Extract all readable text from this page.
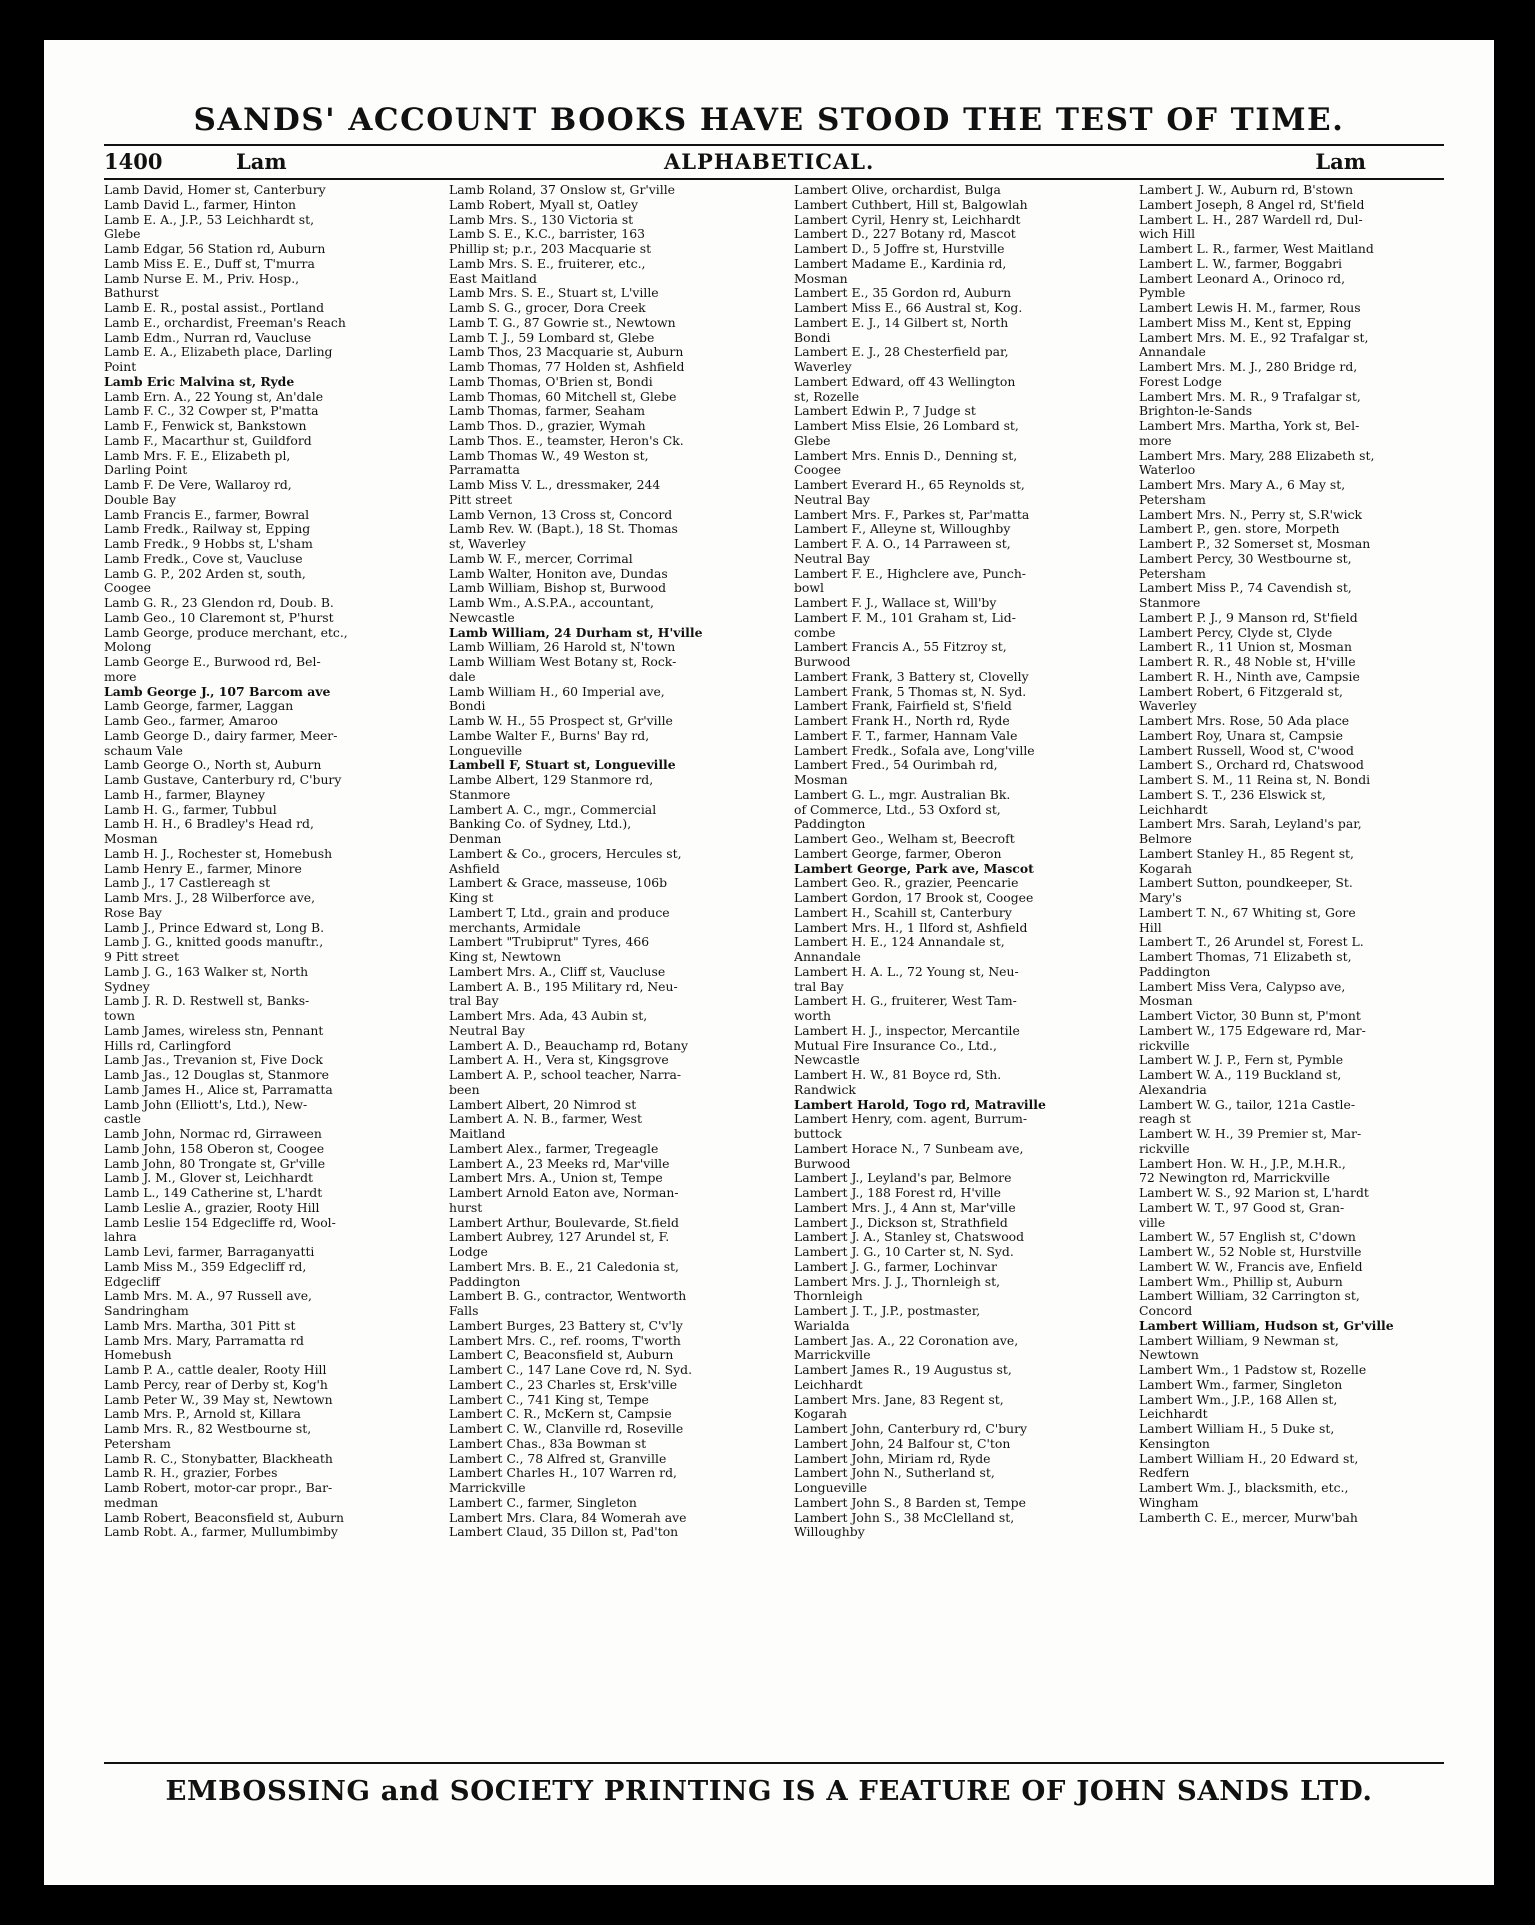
SANDS' ACCOUNT BOOKS HAVE STOOD THE TEST OF TIME.
1400	Lam	ALPHABETICAL.	Lam
Lamb David, Homer st, Canterbury
Lamb David L., farmer, Hinton
Lamb E. A., J.P., 53 Leichhardt st,
Glebe
Lamb Edgar, 56 Station rd, Auburn
Lamb Miss E. E., Duff st, T'murra
Lamb Nurse E. M., Priv. Hosp.,
Bathurst
Lamb E. R., postal assist., Portland
Lamb E., orchardist, Freeman's Reach
Lamb Edm., Nurran rd, Vaucluse
Lamb E. A., Elizabeth place, Darling
Point
Lamb Eric Malvina st, Ryde
Lamb Ern. A., 22 Young st, An'dale
Lamb F. C., 32 Cowper st, P'matta
Lamb F., Fenwick st, Bankstown
Lamb F., Macarthur st, Guildford
Lamb Mrs. F. E., Elizabeth pl,
Darling Point
Lamb F. De Vere, Wallaroy rd,
Double Bay
Lamb Francis E., farmer, Bowral
Lamb Fredk., Railway st, Epping
Lamb Fredk., 9 Hobbs st, L'sham
Lamb Fredk., Cove st, Vaucluse
Lamb G. P., 202 Arden st, south,
Coogee
Lamb G. R., 23 Glendon rd, Doub. B.
Lamb Geo., 10 Claremont st, P'hurst
Lamb George, produce merchant, etc.,
Molong
Lamb George E., Burwood rd, Bel-
more
Lamb George J., 107 Barcom ave
Lamb George, farmer, Laggan
Lamb Geo., farmer, Amaroo
Lamb George D., dairy farmer, Meer-
schaum Vale
Lamb George O., North st, Auburn
Lamb Gustave, Canterbury rd, C'bury
Lamb H., farmer, Blayney
Lamb H. G., farmer, Tubbul
Lamb H. H., 6 Bradley's Head rd,
Mosman
Lamb H. J., Rochester st, Homebush
Lamb Henry E., farmer, Minore
Lamb J., 17 Castlereagh st
Lamb Mrs. J., 28 Wilberforce ave,
Rose Bay
Lamb J., Prince Edward st, Long B.
Lamb J. G., knitted goods manuftr.,
9 Pitt street
Lamb J. G., 163 Walker st, North
Sydney
Lamb J. R. D. Restwell st, Banks-
town
Lamb James, wireless stn, Pennant
Hills rd, Carlingford
Lamb Jas., Trevanion st, Five Dock
Lamb Jas., 12 Douglas st, Stanmore
Lamb James H., Alice st, Parramatta
Lamb John (Elliott's, Ltd.), New-
castle
Lamb John, Normac rd, Girraween
Lamb John, 158 Oberon st, Coogee
Lamb John, 80 Trongate st, Gr'ville
Lamb J. M., Glover st, Leichhardt
Lamb L., 149 Catherine st, L'hardt
Lamb Leslie A., grazier, Rooty Hill
Lamb Leslie 154 Edgecliffe rd, Wool-
lahra
Lamb Levi, farmer, Barraganyatti
Lamb Miss M., 359 Edgecliff rd,
Edgecliff
Lamb Mrs. M. A., 97 Russell ave,
Sandringham
Lamb Mrs. Martha, 301 Pitt st
Lamb Mrs. Mary, Parramatta rd
Homebush
Lamb P. A., cattle dealer, Rooty Hill
Lamb Percy, rear of Derby st, Kog'h
Lamb Peter W., 39 May st, Newtown
Lamb Mrs. P., Arnold st, Killara
Lamb Mrs. R., 82 Westbourne st,
Petersham
Lamb R. C., Stonybatter, Blackheath
Lamb R. H., grazier, Forbes
Lamb Robert, motor-car propr., Bar-
medman
Lamb Robert, Beaconsfield st, Auburn
Lamb Robt. A., farmer, Mullumbimby
Lamb Roland, 37 Onslow st, Gr'ville
Lamb Robert, Myall st, Oatley
Lamb Mrs. S., 130 Victoria st
Lamb S. E., K.C., barrister, 163
Phillip st; p.r., 203 Macquarie st
Lamb Mrs. S. E., fruiterer, etc.,
East Maitland
Lamb Mrs. S. E., Stuart st, L'ville
Lamb S. G., grocer, Dora Creek
Lamb T. G., 87 Gowrie st., Newtown
Lamb T. J., 59 Lombard st, Glebe
Lamb Thos, 23 Macquarie st, Auburn
Lamb Thomas, 77 Holden st, Ashfield
Lamb Thomas, O'Brien st, Bondi
Lamb Thomas, 60 Mitchell st, Glebe
Lamb Thomas, farmer, Seaham
Lamb Thos. D., grazier, Wymah
Lamb Thos. E., teamster, Heron's Ck.
Lamb Thomas W., 49 Weston st,
Parramatta
Lamb Miss V. L., dressmaker, 244
Pitt street
Lamb Vernon, 13 Cross st, Concord
Lamb Rev. W. (Bapt.), 18 St. Thomas
st, Waverley
Lamb W. F., mercer, Corrimal
Lamb Walter, Honiton ave, Dundas
Lamb William, Bishop st, Burwood
Lamb Wm., A.S.P.A., accountant,
Newcastle
Lamb William, 24 Durham st, H'ville
Lamb William, 26 Harold st, N'town
Lamb William West Botany st, Rock-
dale
Lamb William H., 60 Imperial ave,
Bondi
Lamb W. H., 55 Prospect st, Gr'ville
Lambe Walter F., Burns' Bay rd,
Longueville
Lambell F, Stuart st, Longueville
Lambe Albert, 129 Stanmore rd,
Stanmore
Lambert A. C., mgr., Commercial
Banking Co. of Sydney, Ltd.),
Denman
Lambert & Co., grocers, Hercules st,
Ashfield
Lambert & Grace, masseuse, 106b
King st
Lambert T, Ltd., grain and produce
merchants, Armidale
Lambert "Trubiprut" Tyres, 466
King st, Newtown
Lambert Mrs. A., Cliff st, Vaucluse
Lambert A. B., 195 Military rd, Neu-
tral Bay
Lambert Mrs. Ada, 43 Aubin st,
Neutral Bay
Lambert A. D., Beauchamp rd, Botany
Lambert A. H., Vera st, Kingsgrove
Lambert A. P., school teacher, Narra-
been
Lambert Albert, 20 Nimrod st
Lambert A. N. B., farmer, West
Maitland
Lambert Alex., farmer, Tregeagle
Lambert A., 23 Meeks rd, Mar'ville
Lambert Mrs. A., Union st, Tempe
Lambert Arnold Eaton ave, Norman-
hurst
Lambert Arthur, Boulevarde, St.field
Lambert Aubrey, 127 Arundel st, F.
Lodge
Lambert Mrs. B. E., 21 Caledonia st,
Paddington
Lambert B. G., contractor, Wentworth
Falls
Lambert Burges, 23 Battery st, C'v'ly
Lambert Mrs. C., ref. rooms, T'worth
Lambert C, Beaconsfield st, Auburn
Lambert C., 147 Lane Cove rd, N. Syd.
Lambert C., 23 Charles st, Ersk'ville
Lambert C., 741 King st, Tempe
Lambert C. R., McKern st, Campsie
Lambert C. W., Clanville rd, Roseville
Lambert Chas., 83a Bowman st
Lambert C., 78 Alfred st, Granville
Lambert Charles H., 107 Warren rd,
Marrickville
Lambert C., farmer, Singleton
Lambert Mrs. Clara, 84 Womerah ave
Lambert Claud, 35 Dillon st, Pad'ton
Lambert Olive, orchardist, Bulga
Lambert Cuthbert, Hill st, Balgowlah
Lambert Cyril, Henry st, Leichhardt
Lambert D., 227 Botany rd, Mascot
Lambert D., 5 Joffre st, Hurstville
Lambert Madame E., Kardinia rd,
Mosman
Lambert E., 35 Gordon rd, Auburn
Lambert Miss E., 66 Austral st, Kog.
Lambert E. J., 14 Gilbert st, North
Bondi
Lambert E. J., 28 Chesterfield par,
Waverley
Lambert Edward, off 43 Wellington
st, Rozelle
Lambert Edwin P., 7 Judge st
Lambert Miss Elsie, 26 Lombard st,
Glebe
Lambert Mrs. Ennis D., Denning st,
Coogee
Lambert Everard H., 65 Reynolds st,
Neutral Bay
Lambert Mrs. F., Parkes st, Par'matta
Lambert F., Alleyne st, Willoughby
Lambert F. A. O., 14 Parraween st,
Neutral Bay
Lambert F. E., Highclere ave, Punch-
bowl
Lambert F. J., Wallace st, Will'by
Lambert F. M., 101 Graham st, Lid-
combe
Lambert Francis A., 55 Fitzroy st,
Burwood
Lambert Frank, 3 Battery st, Clovelly
Lambert Frank, 5 Thomas st, N. Syd.
Lambert Frank, Fairfield st, S'field
Lambert Frank H., North rd, Ryde
Lambert F. T., farmer, Hannam Vale
Lambert Fredk., Sofala ave, Long'ville
Lambert Fred., 54 Ourimbah rd,
Mosman
Lambert G. L., mgr. Australian Bk.
of Commerce, Ltd., 53 Oxford st,
Paddington
Lambert Geo., Welham st, Beecroft
Lambert George, farmer, Oberon
Lambert George, Park ave, Mascot
Lambert Geo. R., grazier, Peencarie
Lambert Gordon, 17 Brook st, Coogee
Lambert H., Scahill st, Canterbury
Lambert Mrs. H., 1 Ilford st, Ashfield
Lambert H. E., 124 Annandale st,
Annandale
Lambert H. A. L., 72 Young st, Neu-
tral Bay
Lambert H. G., fruiterer, West Tam-
worth
Lambert H. J., inspector, Mercantile
Mutual Fire Insurance Co., Ltd.,
Newcastle
Lambert H. W., 81 Boyce rd, Sth.
Randwick
Lambert Harold, Togo rd, Matraville
Lambert Henry, com. agent, Burrum-
buttock
Lambert Horace N., 7 Sunbeam ave,
Burwood
Lambert J., Leyland's par, Belmore
Lambert J., 188 Forest rd, H'ville
Lambert Mrs. J., 4 Ann st, Mar'ville
Lambert J., Dickson st, Strathfield
Lambert J. A., Stanley st, Chatswood
Lambert J. G., 10 Carter st, N. Syd.
Lambert J. G., farmer, Lochinvar
Lambert Mrs. J. J., Thornleigh st,
Thornleigh
Lambert J. T., J.P., postmaster,
Warialda
Lambert Jas. A., 22 Coronation ave,
Marrickville
Lambert James R., 19 Augustus st,
Leichhardt
Lambert Mrs. Jane, 83 Regent st,
Kogarah
Lambert John, Canterbury rd, C'bury
Lambert John, 24 Balfour st, C'ton
Lambert John, Miriam rd, Ryde
Lambert John N., Sutherland st,
Longueville
Lambert John S., 8 Barden st, Tempe
Lambert John S., 38 McClelland st,
Willoughby
Lambert J. W., Auburn rd, B'stown
Lambert Joseph, 8 Angel rd, St'field
Lambert L. H., 287 Wardell rd, Dul-
wich Hill
Lambert L. R., farmer, West Maitland
Lambert L. W., farmer, Boggabri
Lambert Leonard A., Orinoco rd,
Pymble
Lambert Lewis H. M., farmer, Rous
Lambert Miss M., Kent st, Epping
Lambert Mrs. M. E., 92 Trafalgar st,
Annandale
Lambert Mrs. M. J., 280 Bridge rd,
Forest Lodge
Lambert Mrs. M. R., 9 Trafalgar st,
Brighton-le-Sands
Lambert Mrs. Martha, York st, Bel-
more
Lambert Mrs. Mary, 288 Elizabeth st,
Waterloo
Lambert Mrs. Mary A., 6 May st,
Petersham
Lambert Mrs. N., Perry st, S.R'wick
Lambert P., gen. store, Morpeth
Lambert P., 32 Somerset st, Mosman
Lambert Percy, 30 Westbourne st,
Petersham
Lambert Miss P., 74 Cavendish st,
Stanmore
Lambert P. J., 9 Manson rd, St'field
Lambert Percy, Clyde st, Clyde
Lambert R., 11 Union st, Mosman
Lambert R. R., 48 Noble st, H'ville
Lambert R. H., Ninth ave, Campsie
Lambert Robert, 6 Fitzgerald st,
Waverley
Lambert Mrs. Rose, 50 Ada place
Lambert Roy, Unara st, Campsie
Lambert Russell, Wood st, C'wood
Lambert S., Orchard rd, Chatswood
Lambert S. M., 11 Reina st, N. Bondi
Lambert S. T., 236 Elswick st,
Leichhardt
Lambert Mrs. Sarah, Leyland's par,
Belmore
Lambert Stanley H., 85 Regent st,
Kogarah
Lambert Sutton, poundkeeper, St.
Mary's
Lambert T. N., 67 Whiting st, Gore
Hill
Lambert T., 26 Arundel st, Forest L.
Lambert Thomas, 71 Elizabeth st,
Paddington
Lambert Miss Vera, Calypso ave,
Mosman
Lambert Victor, 30 Bunn st, P'mont
Lambert W., 175 Edgeware rd, Mar-
rickville
Lambert W. J. P., Fern st, Pymble
Lambert W. A., 119 Buckland st,
Alexandria
Lambert W. G., tailor, 121a Castle-
reagh st
Lambert W. H., 39 Premier st, Mar-
rickville
Lambert Hon. W. H., J.P., M.H.R.,
72 Newington rd, Marrickville
Lambert W. S., 92 Marion st, L'hardt
Lambert W. T., 97 Good st, Gran-
ville
Lambert W., 57 English st, C'down
Lambert W., 52 Noble st, Hurstville
Lambert W. W., Francis ave, Enfield
Lambert Wm., Phillip st, Auburn
Lambert William, 32 Carrington st,
Concord
Lambert William, Hudson st, Gr'ville
Lambert William, 9 Newman st,
Newtown
Lambert Wm., 1 Padstow st, Rozelle
Lambert Wm., farmer, Singleton
Lambert Wm., J.P., 168 Allen st,
Leichhardt
Lambert William H., 5 Duke st,
Kensington
Lambert William H., 20 Edward st,
Redfern
Lambert Wm. J., blacksmith, etc.,
Wingham
Lamberth C. E., mercer, Murw'bah
EMBOSSING and SOCIETY PRINTING IS A FEATURE OF JOHN SANDS LTD.
